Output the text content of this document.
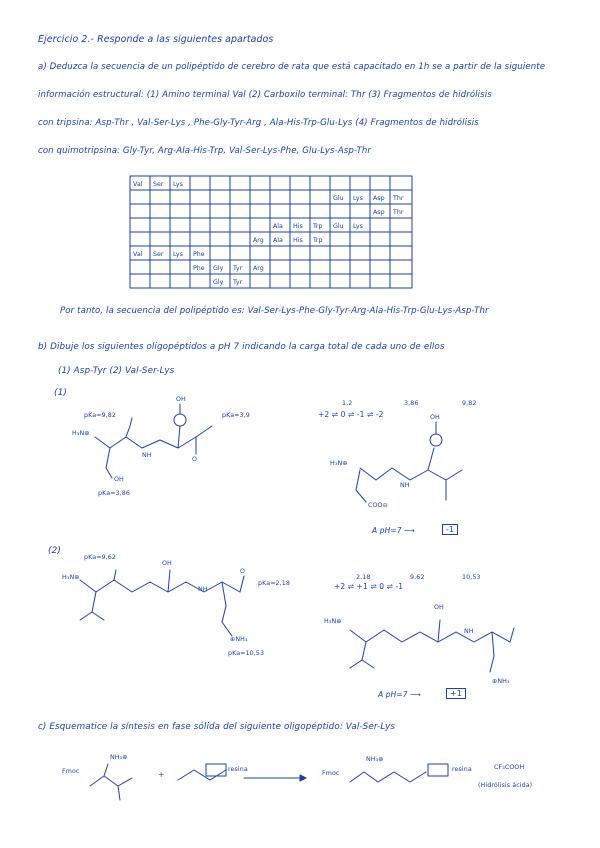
Ejercicio 2.- Responde a las siguientes apartados
a) Deduzca la secuencia de un polipéptido de cerebro de rata que está capacitado en 1h se a partir de la siguiente
información estructural: (1) Amino terminal Val (2) Carboxilo terminal: Thr (3) Fragmentos de hidrólisis
con tripsina: Asp-Thr , Val-Ser-Lys , Phe-Gly-Tyr-Arg , Ala-His-Trp-Glu-Lys (4) Fragmentos de hidrólisis
con quimotripsina: Gly-Tyr, Arg-Ala-His-Trp, Val-Ser-Lys-Phe, Glu-Lys-Asp-Thr
Val Ser Lys
Glu Lys Asp Thr
Asp Thr
Ala His Trp Glu Lys
Arg Ala His Trp
Val Ser Lys Phe
Phe Gly Tyr Arg
Gly Tyr
Por tanto, la secuencia del polipéptido es: Val-Ser-Lys-Phe-Gly-Tyr-Arg-Ala-His-Trp-Glu-Lys-Asp-Thr
b) Dibuje los siguientes oligopéptidos a pH 7 indicando la carga total de cada uno de ellos
(1) Asp-Tyr (2) Val-Ser-Lys
(1)
pKa=9,82
H₃N⊕
NH
OH
pKa=3,9
O
OH
pKa=3,86
1,2	3,86	9,82
+2 ⇌ 0 ⇌ -1 ⇌ -2	OH
H₃N⊕
NH
COO⊖
A pH=7 ⟶	-1
(2)
pKa=9,62
H₃N⊕
OH
NH
pKa=2,18
O
⊕NH₃
pKa=10,53
2,18	9,62	10,53
+2 ⇌ +1 ⇌ 0 ⇌ -1
OH
H₃N⊕
NH
⊕NH₃
A pH=7 ⟶	+1
c) Esquematice la síntesis en fase sólida del siguiente oligopéptido: Val-Ser-Lys
Fmoc
NH₃⊕
+
resina
Fmoc
NH₃⊕
resina	CF₃COOH
(Hidrólisis ácida)
